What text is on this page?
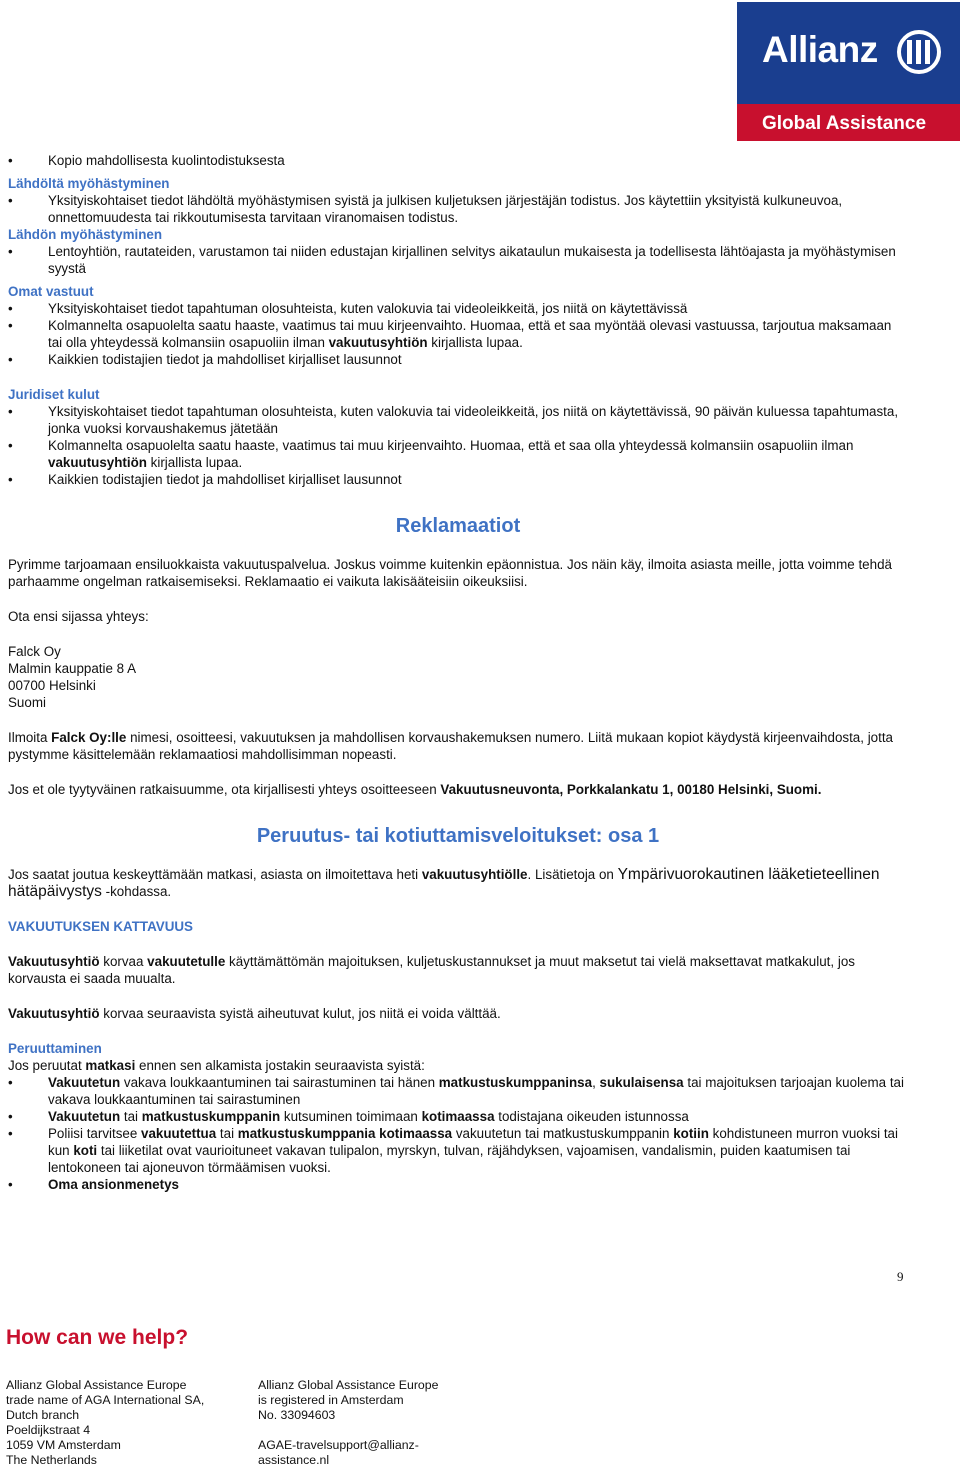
Allianz
Global Assistance

• Kopio mahdollisesta kuolintodistuksesta

Lähdöltä myöhästyminen

• Yksityiskohtaiset tiedot lähdöltä myöhästymisen syistä ja julkisen kuljetuksen järjestäjän todistus. Jos käytettiin yksityistä kulkuneuvoa, onnettomuudesta tai rikkoutumisesta tarvitaan viranomaisen todistus.

Lähdön myöhästyminen

• Lentoyhtiön, rautateiden, varustamon tai niiden edustajan kirjallinen selvitys aikataulun mukaisesta ja todellisesta lähtöajasta ja myöhästymisen syystä

Omat vastuut

• Yksityiskohtaiset tiedot tapahtuman olosuhteista, kuten valokuvia tai videoleikkeitä, jos niitä on käytettävissä

• Kolmannelta osapuolelta saatu haaste, vaatimus tai muu kirjeenvaihto. Huomaa, että et saa myöntää olevasi vastuussa, tarjoutua maksamaan tai olla yhteydessä kolmansiin osapuoliin ilman vakuutusyhtiön kirjallista lupaa.

• Kaikkien todistajien tiedot ja mahdolliset kirjalliset lausunnot

Juridiset kulut

• Yksityiskohtaiset tiedot tapahtuman olosuhteista, kuten valokuvia tai videoleikkeitä, jos niitä on käytettävissä, 90 päivän kuluessa tapahtumasta, jonka vuoksi korvaushakemus jätetään

• Kolmannelta osapuolelta saatu haaste, vaatimus tai muu kirjeenvaihto. Huomaa, että et saa olla yhteydessä kolmansiin osapuoliin ilman vakuutusyhtiön kirjallista lupaa.

• Kaikkien todistajien tiedot ja mahdolliset kirjalliset lausunnot

Reklamaatiot

Pyrimme tarjoamaan ensiluokkaista vakuutuspalvelua. Joskus voimme kuitenkin epäonnistua. Jos näin käy, ilmoita asiasta meille, jotta voimme tehdä parhaamme ongelman ratkaisemiseksi. Reklamaatio ei vaikuta lakisääteisiin oikeuksiisi.

Ota ensi sijassa yhteys:

Falck Oy

Malmin kauppatie 8 A

00700 Helsinki

Suomi

Ilmoita Falck Oy:lle nimesi, osoitteesi, vakuutuksen ja mahdollisen korvaushakemuksen numero. Liitä mukaan kopiot käydystä kirjeenvaihdosta, jotta pystymme käsittelemään reklamaatiosi mahdollisimman nopeasti.

Jos et ole tyytyväinen ratkaisuumme, ota kirjallisesti yhteys osoitteeseen Vakuutusneuvonta, Porkkalankatu 1, 00180 Helsinki, Suomi.

Peruutus- tai kotiuttamisveloitukset: osa 1

Jos saatat joutua keskeyttämään matkasi, asiasta on ilmoitettava heti vakuutusyhtiölle. Lisätietoja on Ympärivuorokautinen lääketieteellinen hätäpäivystys -kohdassa.

VAKUUTUKSEN KATTAVUUS

Vakuutusyhtiö korvaa vakuutetulle käyttämättömän majoituksen, kuljetuskustannukset ja muut maksetut tai vielä maksettavat matkakulut, jos korvausta ei saada muualta.

Vakuutusyhtiö korvaa seuraavista syistä aiheutuvat kulut, jos niitä ei voida välttää.

Peruuttaminen

Jos peruutat matkasi ennen sen alkamista jostakin seuraavista syistä:

• Vakuutetun vakava loukkaantuminen tai sairastuminen tai hänen matkustuskumppaninsa, sukulaisensa tai majoituksen tarjoajan kuolema tai vakava loukkaantuminen tai sairastuminen

• Vakuutetun tai matkustuskumppanin kutsuminen toimimaan kotimaassa todistajana oikeuden istunnossa

• Poliisi tarvitsee vakuutettua tai matkustuskumppania kotimaassa vakuutetun tai matkustuskumppanin kotiin kohdistuneen murron vuoksi tai kun koti tai liiketilat ovat vaurioituneet vakavan tulipalon, myrskyn, tulvan, räjähdyksen, vajoamisen, vandalismin, puiden kaatumisen tai lentokoneen tai ajoneuvon törmäämisen vuoksi.

• Oma ansionmenetys

9
How can we help?
Allianz Global Assistance Europe
trade name of AGA International SA,
Dutch branch
Poeldijkstraat 4
1059 VM Amsterdam
The Netherlands
Allianz Global Assistance Europe
is registered in Amsterdam
No. 33094603

AGAE-travelsupport@allianz-
assistance.nl
